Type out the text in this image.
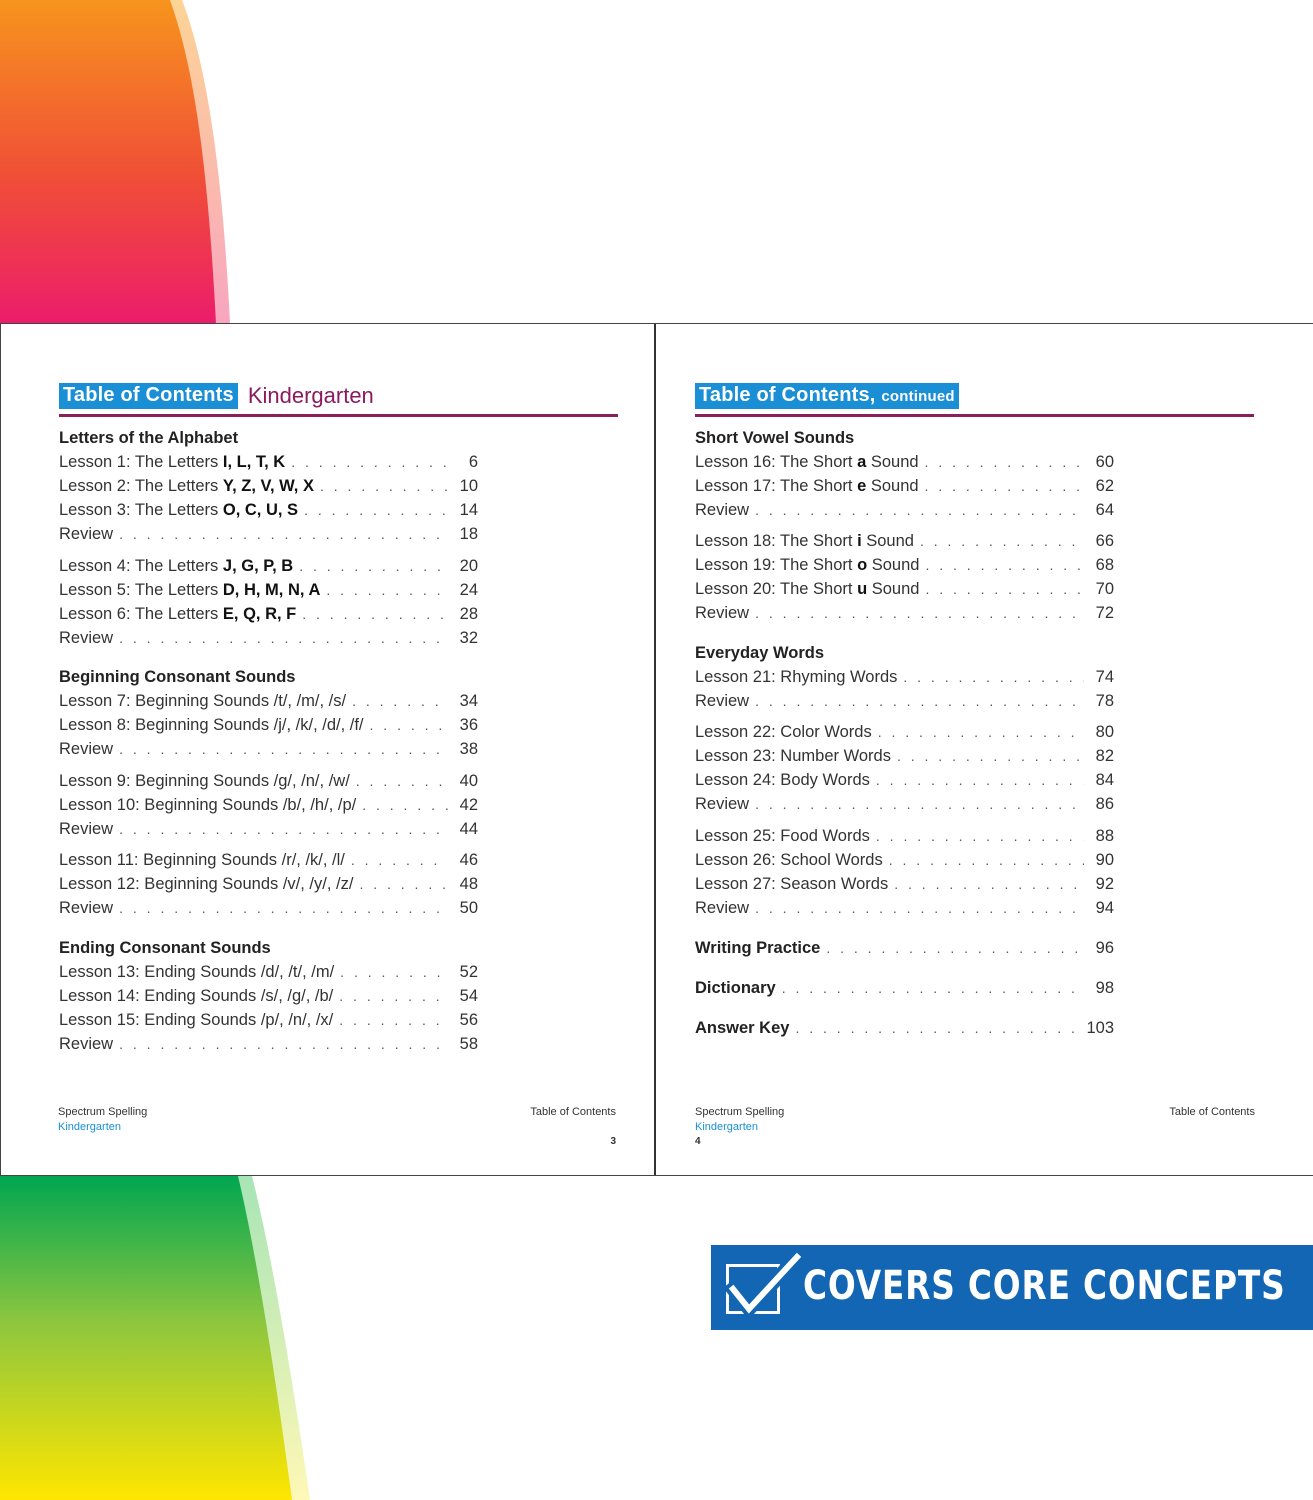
Table of Contents Kindergarten
Letters of the Alphabet
Beginning Consonant Sounds
Ending Consonant Sounds
Lesson 1: The Letters I, L, T, K . . .	6
Lesson 2: The Letters Y, Z, V, W, X . . .	10
Lesson 3: The Letters O, C, U, S . . .	14
Review . . .	18
Lesson 4: The Letters J, G, P, B . . .	20
Lesson 5: The Letters D, H, M, N, A . . .	24
Lesson 6: The Letters E, Q, R, F . . .	28
Review . . .	32
Lesson 7: Beginning Sounds /t/, /m/, /s/ . . .	34
Lesson 8: Beginning Sounds /j/, /k/, /d/, /f/ . . .	36
Review . . .	38
Lesson 9: Beginning Sounds /g/, /n/, /w/ . . .	40
Lesson 10: Beginning Sounds /b/, /h/, /p/ . . .	42
Review . . .	44
Lesson 11: Beginning Sounds /r/, /k/, /l/ . . .	46
Lesson 12: Beginning Sounds /v/, /y/, /z/ . . .	48
Review . . .	50
Lesson 13: Ending Sounds /d/, /t/, /m/ . . .	52
Lesson 14: Ending Sounds /s/, /g/, /b/ . . .	54
Lesson 15: Ending Sounds /p/, /n/, /x/ . . .	56
Review . . .	58
Spectrum Spelling
Kindergarten
Table of Contents
3
Table of Contents, continued
Short Vowel Sounds
Everyday Words
Lesson 16: The Short a Sound . . .	60
Lesson 17: The Short e Sound . . .	62
Review . . .	64
Lesson 18: The Short i Sound . . .	66
Lesson 19: The Short o Sound . . .	68
Lesson 20: The Short u Sound . . .	70
Review . . .	72
Lesson 21: Rhyming Words . . .	74
Review . . .	78
Lesson 22: Color Words . . .	80
Lesson 23: Number Words . . .	82
Lesson 24: Body Words . . .	84
Review . . .	86
Lesson 25: Food Words . . .	88
Lesson 26: School Words . . .	90
Lesson 27: Season Words . . .	92
Review . . .	94
Writing Practice . . .	96
Dictionary . . .	98
Answer Key . . .	103
Spectrum Spelling
Kindergarten
Table of Contents
4
COVERS CORE CONCEPTS
